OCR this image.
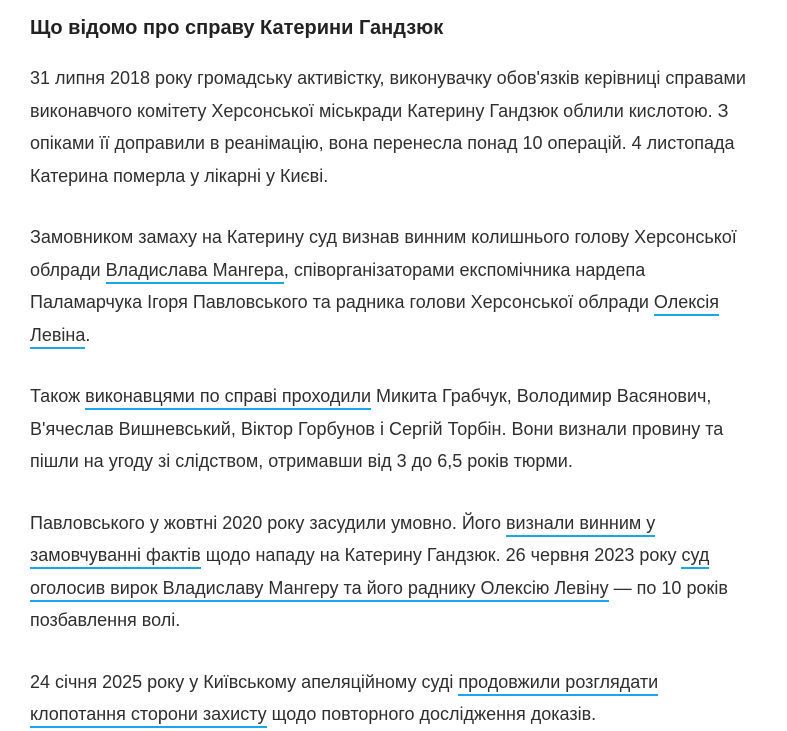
Що відомо про справу Катерини Гандзюк

31 липня 2018 року громадську активістку, виконувачку обов'язків керівниці справами виконавчого комітету Херсонської міськради Катерину Гандзюк облили кислотою. З опіками її доправили в реанімацію, вона перенесла понад 10 операцій. 4 листопада Катерина померла у лікарні у Києві.

Замовником замаху на Катерину суд визнав винним колишнього голову Херсонської облради Владислава Мангера, співорганізаторами експомічника нардепа Паламарчука Ігоря Павловського та радника голови Херсонської облради Олексія Левіна.

Також виконавцями по справі проходили Микита Грабчук, Володимир Васянович, В'ячеслав Вишневський, Віктор Горбунов і Сергій Торбін. Вони визнали провину та пішли на угоду зі слідством, отримавши від 3 до 6,5 років тюрми.

Павловського у жовтні 2020 року засудили умовно. Його визнали винним у замовчуванні фактів щодо нападу на Катерину Гандзюк. 26 червня 2023 року суд оголосив вирок Владиславу Мангеру та його раднику Олексію Левіну — по 10 років позбавлення волі.

24 січня 2025 року у Київському апеляційному суді продовжили розглядати клопотання сторони захисту щодо повторного дослідження доказів.
